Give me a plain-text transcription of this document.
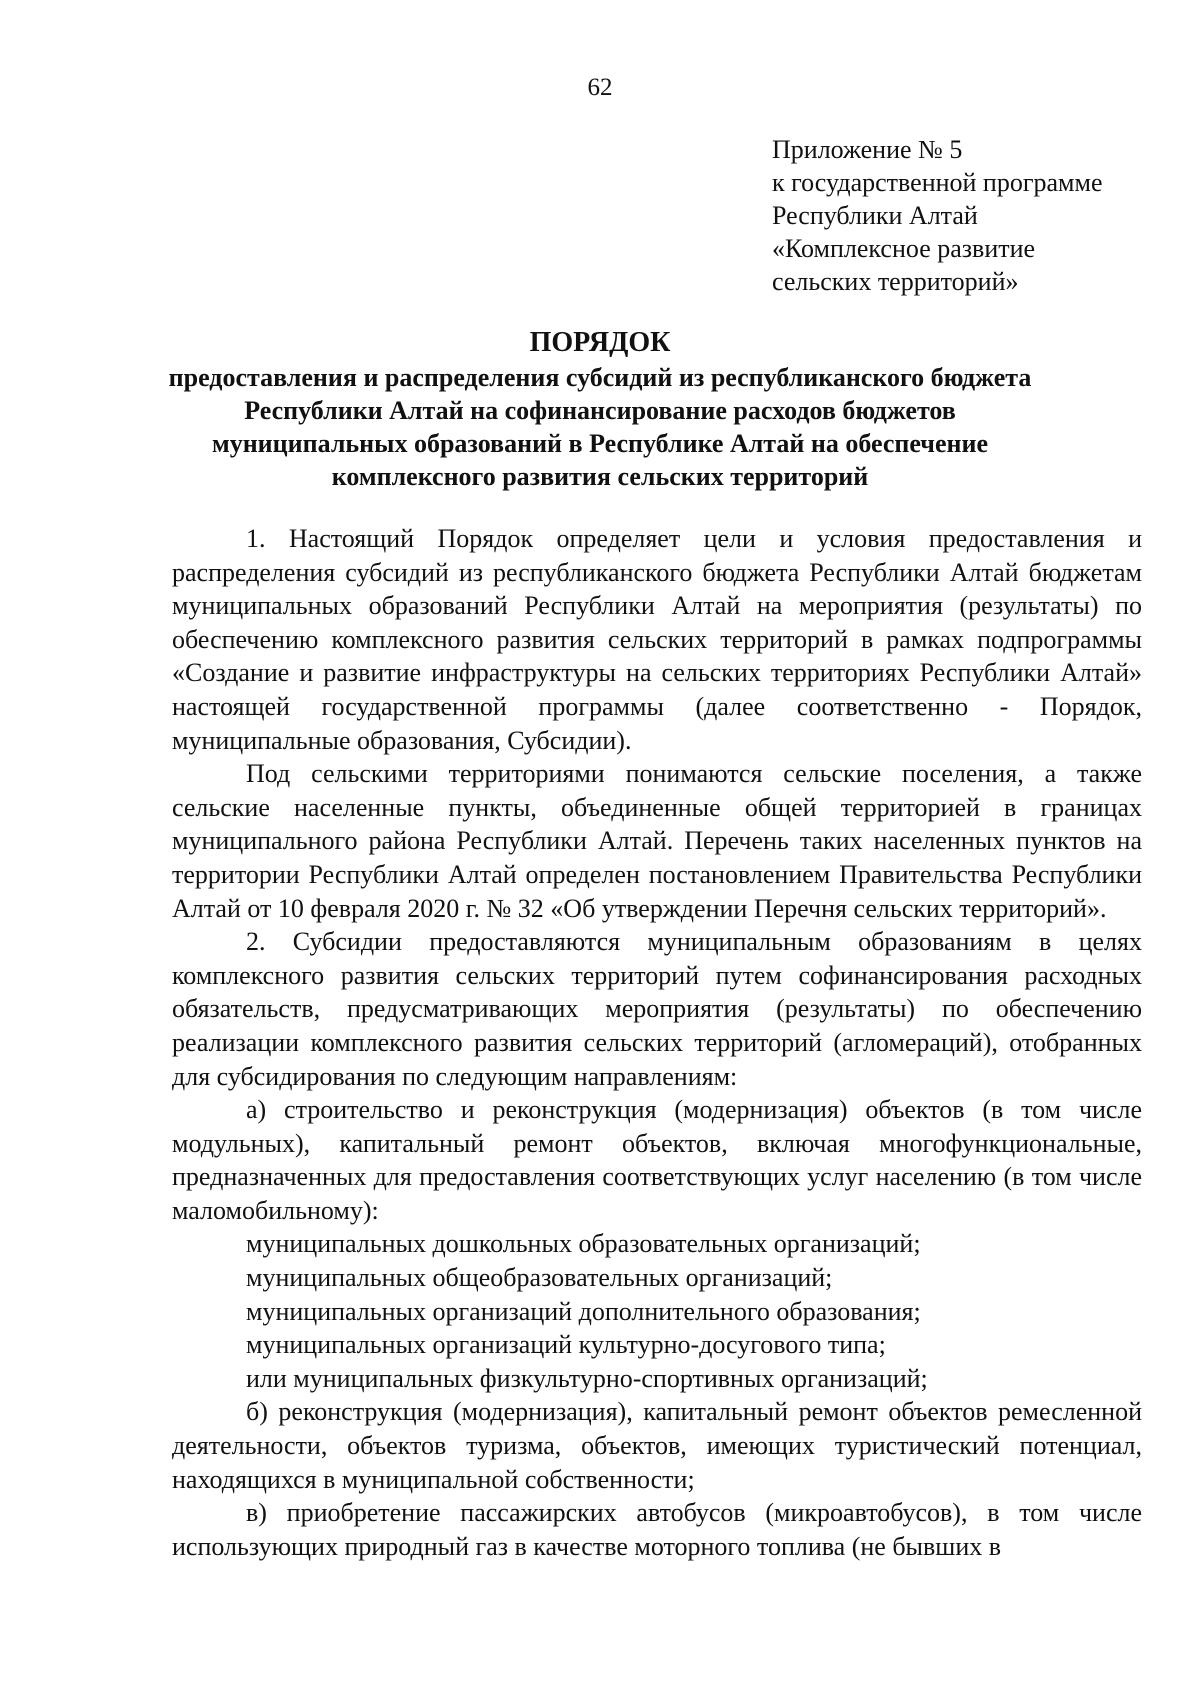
62
Приложение № 5
к государственной программе
Республики Алтай
«Комплексное развитие
сельских территорий»
ПОРЯДОК
предоставления и распределения субсидий из республиканского бюджета
Республики Алтай на софинансирование расходов бюджетов
муниципальных образований в Республике Алтай на обеспечение
комплексного развития сельских территорий

1. Настоящий Порядок определяет цели и условия предоставления и распределения субсидий из республиканского бюджета Республики Алтай бюджетам муниципальных образований Республики Алтай на мероприятия (результаты) по обеспечению комплексного развития сельских территорий в рамках подпрограммы «Создание и развитие инфраструктуры на сельских территориях Республики Алтай» настоящей государственной программы (далее соответственно - Порядок, муниципальные образования, Субсидии).

Под сельскими территориями понимаются сельские поселения, а также сельские населенные пункты, объединенные общей территорией в границах муниципального района Республики Алтай. Перечень таких населенных пунктов на территории Республики Алтай определен постановлением Правительства Республики Алтай от 10 февраля 2020 г. № 32 «Об утверждении Перечня сельских территорий».

2. Субсидии предоставляются муниципальным образованиям в целях комплексного развития сельских территорий путем софинансирования расходных обязательств, предусматривающих мероприятия (результаты) по обеспечению реализации комплексного развития сельских территорий (агломераций), отобранных для субсидирования по следующим направлениям:

а) строительство и реконструкция (модернизация) объектов (в том числе модульных), капитальный ремонт объектов, включая многофункциональные, предназначенных для предоставления соответствующих услуг населению (в том числе маломобильному):

муниципальных дошкольных образовательных организаций;

муниципальных общеобразовательных организаций;

муниципальных организаций дополнительного образования;

муниципальных организаций культурно-досугового типа;

или муниципальных физкультурно-спортивных организаций;

б) реконструкция (модернизация), капитальный ремонт объектов ремесленной деятельности, объектов туризма, объектов, имеющих туристический потенциал, находящихся в муниципальной собственности;

в) приобретение пассажирских автобусов (микроавтобусов), в том числе использующих природный газ в качестве моторного топлива (не бывших в
